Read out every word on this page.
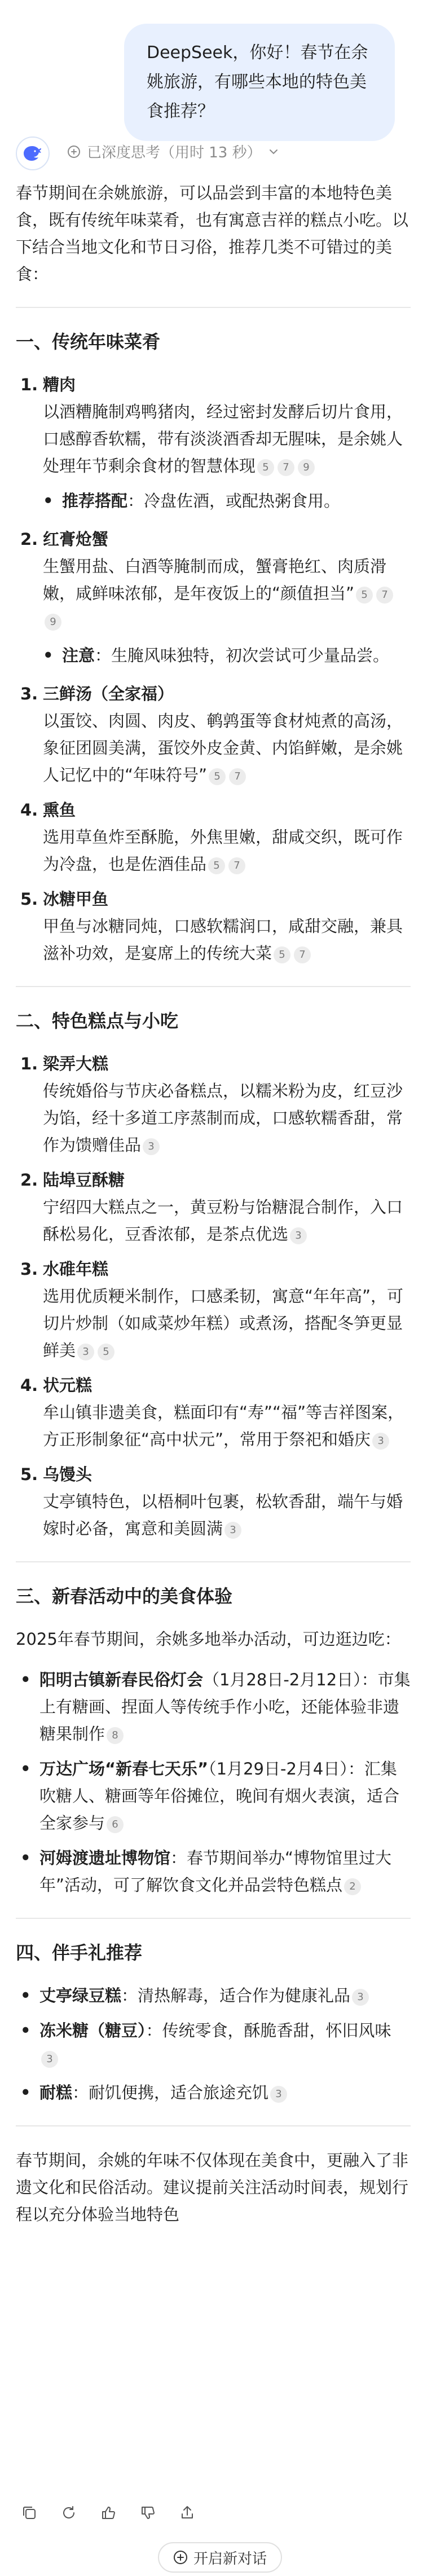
DeepSeek，你好！春节在余姚旅游，有哪些本地的特色美食推荐？
已深度思考（用时 13 秒）

春节期间在余姚旅游，可以品尝到丰富的本地特色美食，既有传统年味菜肴，也有寓意吉祥的糕点小吃。以下结合当地文化和节日习俗，推荐几类不可错过的美食：

一、传统年味菜肴
1. 糟肉
以酒糟腌制鸡鸭猪肉，经过密封发酵后切片食用，口感醇香软糯，带有淡淡酒香却无腥味，是余姚人处理年节剩余食材的智慧体现 5 7 9
• 推荐搭配：冷盘佐酒，或配热粥食用。
2. 红膏炝蟹
生蟹用盐、白酒等腌制而成，蟹膏艳红、肉质滑嫩，咸鲜味浓郁，是年夜饭上的“颜值担当” 5 79
• 注意：生腌风味独特，初次尝试可少量品尝。
3. 三鲜汤（全家福）
以蛋饺、肉圆、肉皮、鹌鹑蛋等食材炖煮的高汤，象征团圆美满，蛋饺外皮金黄、内馅鲜嫩，是余姚人记忆中的“年味符号” 5 7
4. 熏鱼
选用草鱼炸至酥脆，外焦里嫩，甜咸交织，既可作为冷盘，也是佐酒佳品 5 7
5. 冰糖甲鱼
甲鱼与冰糖同炖，口感软糯润口，咸甜交融，兼具滋补功效，是宴席上的传统大菜 5 7
二、特色糕点与小吃
1. 梁弄大糕
传统婚俗与节庆必备糕点，以糯米粉为皮，红豆沙为馅，经十多道工序蒸制而成，口感软糯香甜，常作为馈赠佳品 3
2. 陆埠豆酥糖
宁绍四大糕点之一，黄豆粉与饴糖混合制作，入口酥松易化，豆香浓郁，是茶点优选 3
3. 水碓年糕
选用优质粳米制作，口感柔韧，寓意“年年高”，可切片炒制（如咸菜炒年糕）或煮汤，搭配冬笋更显鲜美 3 5
4. 状元糕
牟山镇非遗美食，糕面印有“寿”“福”等吉祥图案，方正形制象征“高中状元”，常用于祭祀和婚庆 3
5. 乌馒头
丈亭镇特色，以梧桐叶包裹，松软香甜，端午与婚嫁时必备，寓意和美圆满 3
三、新春活动中的美食体验

2025年春节期间，余姚多地举办活动，可边逛边吃：

• 阳明古镇新春民俗灯会（1月28日-2月12日）：市集上有糖画、捏面人等传统手作小吃，还能体验非遗糖果制作 8
• 万达广场“新春七天乐”（1月29日-2月4日）：汇集吹糖人、糖画等年俗摊位，晚间有烟火表演，适合全家参与 6
• 河姆渡遗址博物馆：春节期间举办“博物馆里过大年”活动，可了解饮食文化并品尝特色糕点 2
四、伴手礼推荐
• 丈亭绿豆糕：清热解毒，适合作为健康礼品 3
• 冻米糖（糖豆）：传统零食，酥脆香甜，怀旧风味3
• 耐糕：耐饥便携，适合旅途充饥 3

春节期间，余姚的年味不仅体现在美食中，更融入了非遗文化和民俗活动。建议提前关注活动时间表，规划行程以充分体验当地特色

开启新对话
